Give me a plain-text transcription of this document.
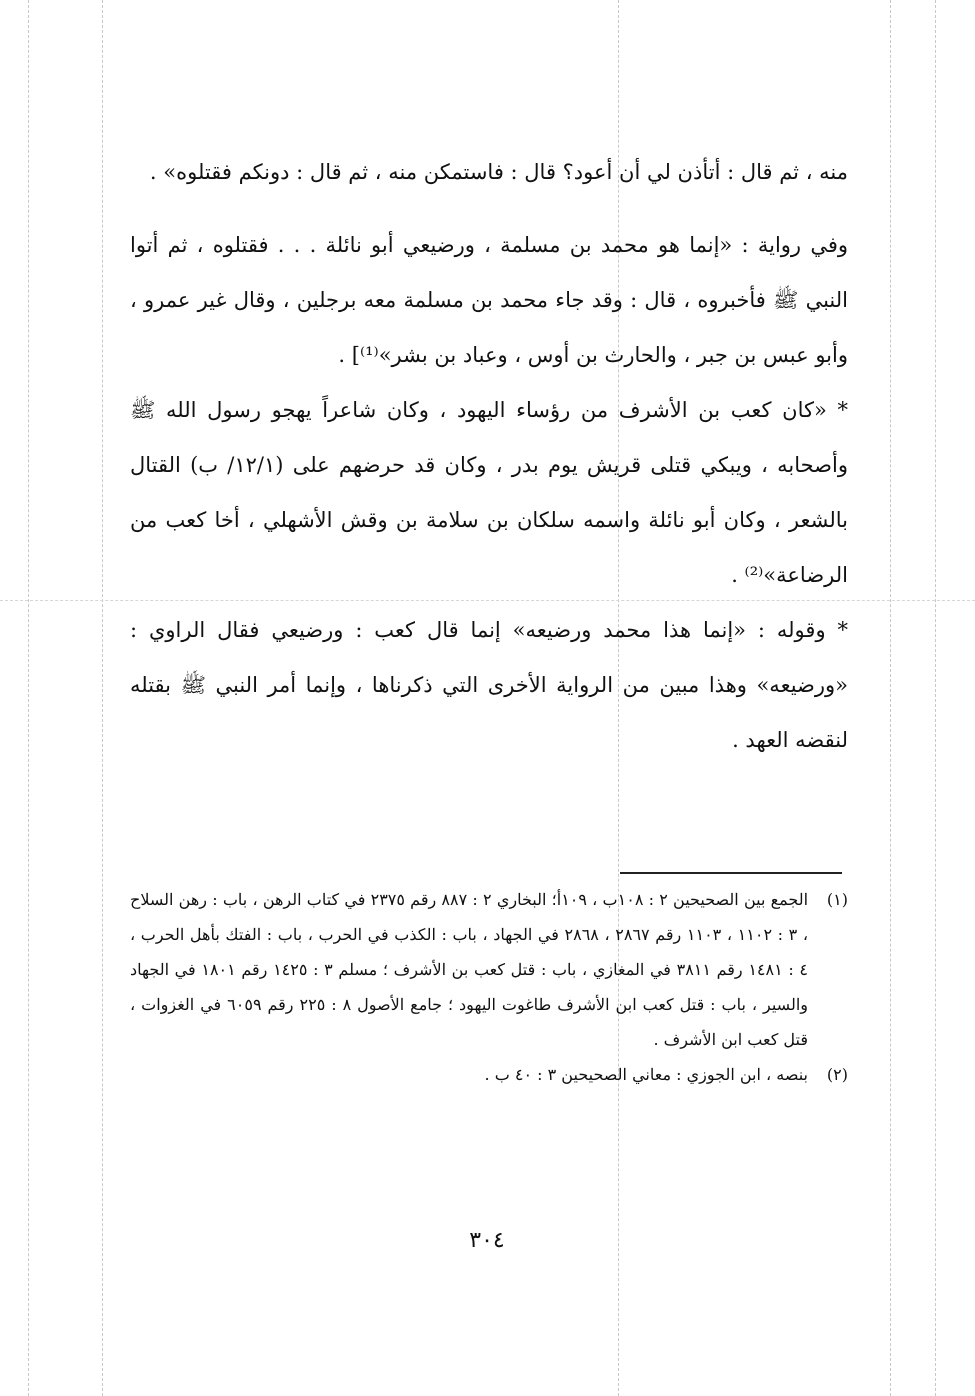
منه ، ثم قال : أتأذن لي أن أعود؟ قال : فاستمكن منه ، ثم قال : دونكم فقتلوه» .

وفي رواية : «إنما هو محمد بن مسلمة ، ورضيعي أبو نائلة . . . فقتلوه ، ثم أتوا النبي ﷺ فأخبروه ، قال : وقد جاء محمد بن مسلمة معه برجلين ، وقال غير عمرو ، وأبو عبس بن جبر ، والحارث بن أوس ، وعباد بن بشر»⁽¹⁾] .

* «كان كعب بن الأشرف من رؤساء اليهود ، وكان شاعراً يهجو رسول الله ﷺ وأصحابه ، ويبكي قتلى قريش يوم بدر ، وكان قد حرضهم على (١٢/١/ ب) القتال بالشعر ، وكان أبو نائلة واسمه سلكان بن سلامة بن وقش الأشهلي ، أخا كعب من الرضاعة»⁽²⁾ .

* وقوله : «إنما هذا محمد ورضيعه» إنما قال كعب : ورضيعي فقال الراوي : «ورضيعه» وهذا مبين من الرواية الأخرى التي ذكرناها ، وإنما أمر النبي ﷺ بقتله لنقضه العهد .

(١)
الجمع بين الصحيحين ٢ : ١٠٨ب ، ١٠٩أ؛ البخاري ٢ : ٨٨٧ رقم ٢٣٧٥ في كتاب الرهن ، باب : رهن السلاح ، ٣ : ١١٠٢ ، ١١٠٣ رقم ٢٨٦٧ ، ٢٨٦٨ في الجهاد ، باب : الكذب في الحرب ، باب : الفتك بأهل الحرب ، ٤ : ١٤٨١ رقم ٣٨١١ في المغازي ، باب : قتل كعب بن الأشرف ؛ مسلم ٣ : ١٤٢٥ رقم ١٨٠١ في الجهاد والسير ، باب : قتل كعب ابن الأشرف طاغوت اليهود ؛ جامع الأصول ٨ : ٢٢٥ رقم ٦٠٥٩ في الغزوات ، قتل كعب ابن الأشرف .
(٢)
بنصه ، ابن الجوزي : معاني الصحيحين ٣ : ٤٠ ب .
٣٠٤
